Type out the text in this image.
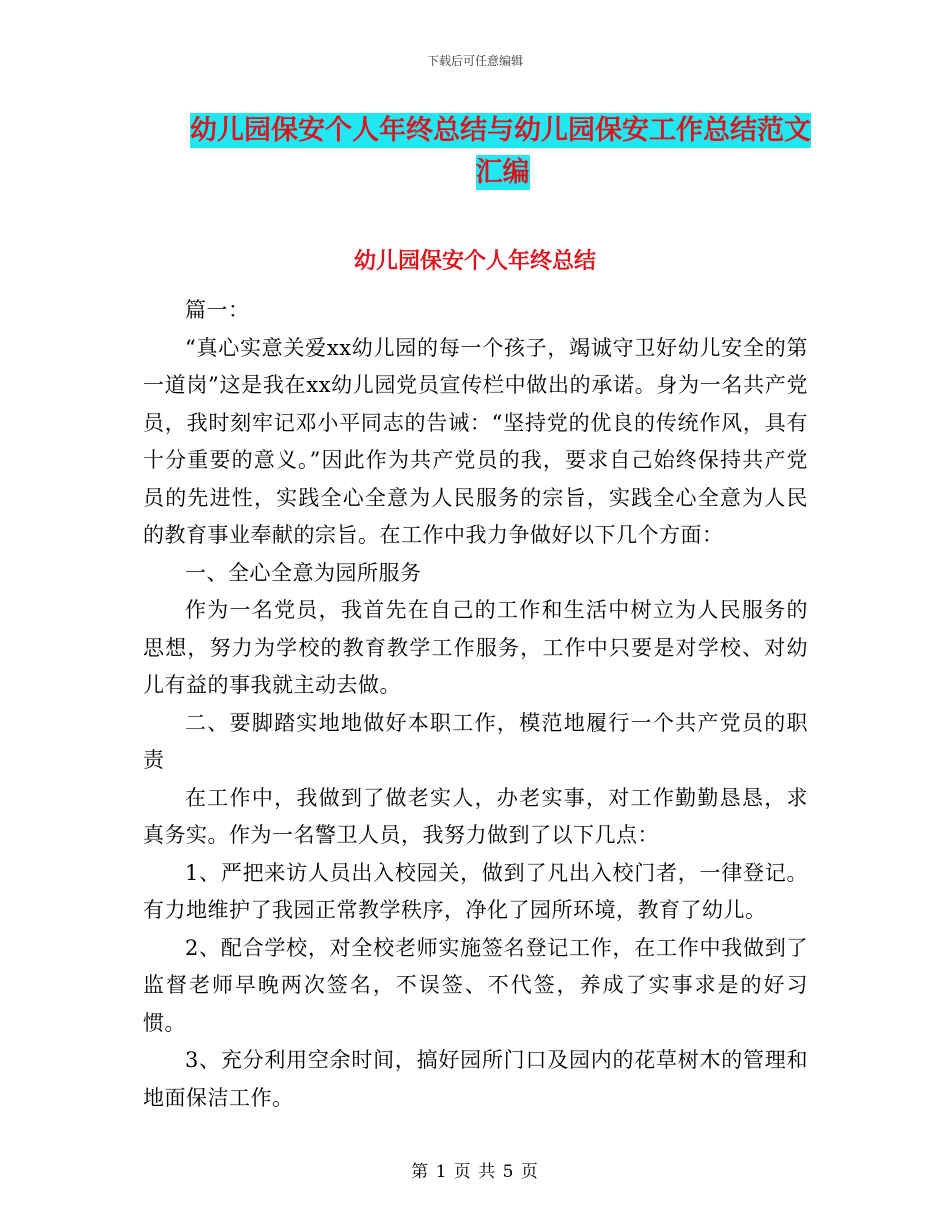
下载后可任意编辑
幼儿园保安个人年终总结与幼儿园保安工作总结范文
汇编
幼儿园保安个人年终总结

篇一：

“真心实意关爱xx幼儿园的每一个孩子，竭诚守卫好幼儿安全的第一道岗”这是我在xx幼儿园党员宣传栏中做出的承诺。身为一名共产党员，我时刻牢记邓小平同志的告诫：“坚持党的优良的传统作风，具有十分重要的意义。”因此作为共产党员的我，要求自己始终保持共产党员的先进性，实践全心全意为人民服务的宗旨，实践全心全意为人民的教育事业奉献的宗旨。在工作中我力争做好以下几个方面：

一、全心全意为园所服务

作为一名党员，我首先在自己的工作和生活中树立为人民服务的思想，努力为学校的教育教学工作服务，工作中只要是对学校、对幼儿有益的事我就主动去做。

二、要脚踏实地地做好本职工作，模范地履行一个共产党员的职责

在工作中，我做到了做老实人，办老实事，对工作勤勤恳恳，求真务实。作为一名警卫人员，我努力做到了以下几点：

1、严把来访人员出入校园关，做到了凡出入校门者，一律登记。有力地维护了我园正常教学秩序，净化了园所环境，教育了幼儿。

2、配合学校，对全校老师实施签名登记工作，在工作中我做到了监督老师早晚两次签名，不误签、不代签，养成了实事求是的好习惯。

3、充分利用空余时间，搞好园所门口及园内的花草树木的管理和地面保洁工作。

第 1 页 共 5 页
